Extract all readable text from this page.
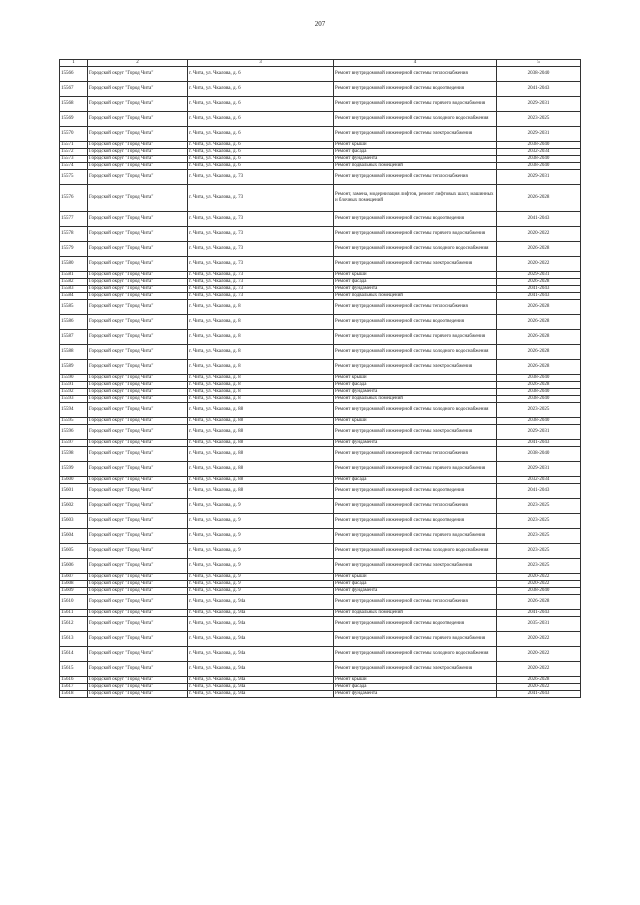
207
1	2	3	4	5
15566	Городской округ "Город Чита"	г. Чита, ул. Чкалова, д. 6	Ремонт внутридомовой инженерной системы теплоснабжения	2038-2040
15567	Городской округ "Город Чита"	г. Чита, ул. Чкалова, д. 6	Ремонт внутридомовой инженерной системы водоотведения	2041-2043
15568	Городской округ "Город Чита"	г. Чита, ул. Чкалова, д. 6	Ремонт внутридомовой инженерной системы горячего водоснабжения	2029-2031
15569	Городской округ "Город Чита"	г. Чита, ул. Чкалова, д. 6	Ремонт внутридомовой инженерной системы холодного водоснабжения	2023-2025
15570	Городской округ "Город Чита"	г. Чита, ул. Чкалова, д. 6	Ремонт внутридомовой инженерной системы электроснабжения	2029-2031
15571	Городской округ "Город Чита"	г. Чита, ул. Чкалова, д. 6	Ремонт крыши	2038-2040
15572	Городской округ "Город Чита"	г. Чита, ул. Чкалова, д. 6	Ремонт фасада	2032-2034
15573	Городской округ "Город Чита"	г. Чита, ул. Чкалова, д. 6	Ремонт фундамента	2038-2040
15574	Городской округ "Город Чита"	г. Чита, ул. Чкалова, д. 6	Ремонт подвальных помещений	2038-2040
15575	Городской округ "Город Чита"	г. Чита, ул. Чкалова, д. 73	Ремонт внутридомовой инженерной системы теплоснабжения	2029-2031
15576	Городской округ "Город Чита"	г. Чита, ул. Чкалова, д. 73	Ремонт, замена, модернизация лифтов, ремонт лифтовых шахт, машинных и блочных помещений	2026-2028
15577	Городской округ "Город Чита"	г. Чита, ул. Чкалова, д. 73	Ремонт внутридомовой инженерной системы водоотведения	2041-2043
15578	Городской округ "Город Чита"	г. Чита, ул. Чкалова, д. 73	Ремонт внутридомовой инженерной системы горячего водоснабжения	2020-2022
15579	Городской округ "Город Чита"	г. Чита, ул. Чкалова, д. 73	Ремонт внутридомовой инженерной системы холодного водоснабжения	2026-2028
15580	Городской округ "Город Чита"	г. Чита, ул. Чкалова, д. 73	Ремонт внутридомовой инженерной системы электроснабжения	2020-2022
15581	Городской округ "Город Чита"	г. Чита, ул. Чкалова, д. 73	Ремонт крыши	2029-2031
15582	Городской округ "Город Чита"	г. Чита, ул. Чкалова, д. 73	Ремонт фасада	2026-2028
15583	Городской округ "Город Чита"	г. Чита, ул. Чкалова, д. 73	Ремонт фундамента	2041-2043
15584	Городской округ "Город Чита"	г. Чита, ул. Чкалова, д. 73	Ремонт подвальных помещений	2041-2043
15585	Городской округ "Город Чита"	г. Чита, ул. Чкалова, д. 8	Ремонт внутридомовой инженерной системы теплоснабжения	2026-2028
15586	Городской округ "Город Чита"	г. Чита, ул. Чкалова, д. 8	Ремонт внутридомовой инженерной системы водоотведения	2026-2028
15587	Городской округ "Город Чита"	г. Чита, ул. Чкалова, д. 8	Ремонт внутридомовой инженерной системы горячего водоснабжения	2026-2028
15588	Городской округ "Город Чита"	г. Чита, ул. Чкалова, д. 8	Ремонт внутридомовой инженерной системы холодного водоснабжения	2026-2028
15589	Городской округ "Город Чита"	г. Чита, ул. Чкалова, д. 8	Ремонт внутридомовой инженерной системы электроснабжения	2026-2028
15590	Городской округ "Город Чита"	г. Чита, ул. Чкалова, д. 8	Ремонт крыши	2038-2040
15591	Городской округ "Город Чита"	г. Чита, ул. Чкалова, д. 8	Ремонт фасада	2026-2028
15592	Городской округ "Город Чита"	г. Чита, ул. Чкалова, д. 8	Ремонт фундамента	2038-2040
15593	Городской округ "Город Чита"	г. Чита, ул. Чкалова, д. 8	Ремонт подвальных помещений	2038-2040
15594	Городской округ "Город Чита"	г. Чита, ул. Чкалова, д. 88	Ремонт внутридомовой инженерной системы холодного водоснабжения	2023-2025
15595	Городской округ "Город Чита"	г. Чита, ул. Чкалова, д. 88	Ремонт крыши	2038-2040
15596	Городской округ "Город Чита"	г. Чита, ул. Чкалова, д. 88	Ремонт внутридомовой инженерной системы электроснабжения	2029-2031
15597	Городской округ "Город Чита"	г. Чита, ул. Чкалова, д. 88	Ремонт фундамента	2041-2043
15598	Городской округ "Город Чита"	г. Чита, ул. Чкалова, д. 88	Ремонт внутридомовой инженерной системы теплоснабжения	2038-2040
15599	Городской округ "Город Чита"	г. Чита, ул. Чкалова, д. 88	Ремонт внутридомовой инженерной системы горячего водоснабжения	2029-2031
15600	Городской округ "Город Чита"	г. Чита, ул. Чкалова, д. 88	Ремонт фасада	2032-2034
15601	Городской округ "Город Чита"	г. Чита, ул. Чкалова, д. 88	Ремонт внутридомовой инженерной системы водоотведения	2041-2043
15602	Городской округ "Город Чита"	г. Чита, ул. Чкалова, д. 9	Ремонт внутридомовой инженерной системы теплоснабжения	2023-2025
15603	Городской округ "Город Чита"	г. Чита, ул. Чкалова, д. 9	Ремонт внутридомовой инженерной системы водоотведения	2023-2025
15604	Городской округ "Город Чита"	г. Чита, ул. Чкалова, д. 9	Ремонт внутридомовой инженерной системы горячего водоснабжения	2023-2025
15605	Городской округ "Город Чита"	г. Чита, ул. Чкалова, д. 9	Ремонт внутридомовой инженерной системы холодного водоснабжения	2023-2025
15606	Городской округ "Город Чита"	г. Чита, ул. Чкалова, д. 9	Ремонт внутридомовой инженерной системы электроснабжения	2023-2025
15607	Городской округ "Город Чита"	г. Чита, ул. Чкалова, д. 9	Ремонт крыши	2020-2022
15608	Городской округ "Город Чита"	г. Чита, ул. Чкалова, д. 9	Ремонт фасада	2020-2022
15609	Городской округ "Город Чита"	г. Чита, ул. Чкалова, д. 9	Ремонт фундамента	2038-2040
15610	Городской округ "Город Чита"	г. Чита, ул. Чкалова, д. 94а	Ремонт внутридомовой инженерной системы теплоснабжения	2026-2028
15611	Городской округ "Город Чита"	г. Чита, ул. Чкалова, д. 94а	Ремонт подвальных помещений	2041-2043
15612	Городской округ "Город Чита"	г. Чита, ул. Чкалова, д. 94а	Ремонт внутридомовой инженерной системы водоотведения	2035-2031
15613	Городской округ "Город Чита"	г. Чита, ул. Чкалова, д. 94а	Ремонт внутридомовой инженерной системы горячего водоснабжения	2020-2022
15614	Городской округ "Город Чита"	г. Чита, ул. Чкалова, д. 94а	Ремонт внутридомовой инженерной системы холодного водоснабжения	2020-2022
15615	Городской округ "Город Чита"	г. Чита, ул. Чкалова, д. 94а	Ремонт внутридомовой инженерной системы электроснабжения	2020-2022
15616	Городской округ "Город Чита"	г. Чита, ул. Чкалова, д. 94а	Ремонт крыши	2026-2028
15617	Городской округ "Город Чита"	г. Чита, ул. Чкалова, д. 94а	Ремонт фасада	2020-2022
15618	Городской округ "Город Чита"	г. Чита, ул. Чкалова, д. 94а	Ремонт фундамента	2041-2043
